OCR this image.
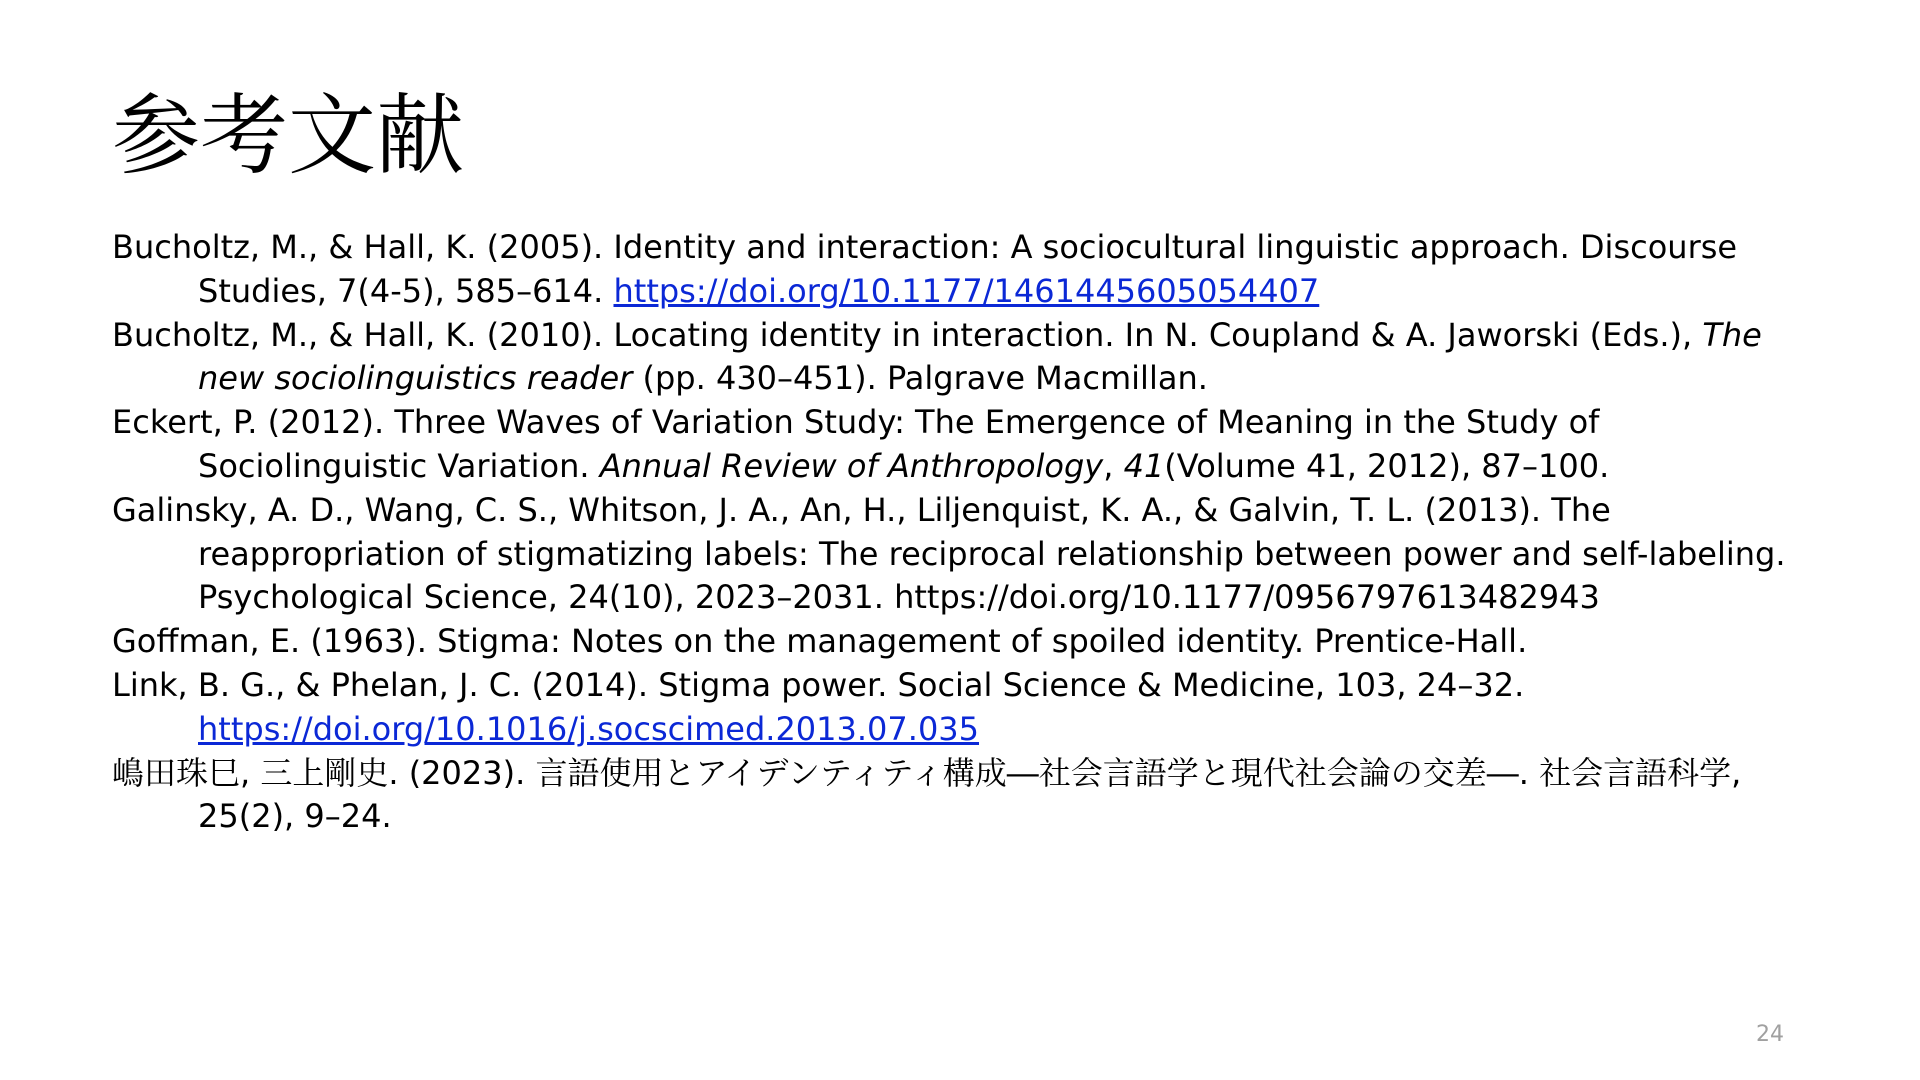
参考文献
Bucholtz, M., & Hall, K. (2005). Identity and interaction: A sociocultural linguistic approach. Discourse Studies, 7(4-5), 585–614. https://doi.org/10.1177/1461445605054407
Bucholtz, M., & Hall, K. (2010). Locating identity in interaction. In N. Coupland & A. Jaworski (Eds.), The new sociolinguistics reader (pp. 430–451). Palgrave Macmillan.
Eckert, P. (2012). Three Waves of Variation Study: The Emergence of Meaning in the Study of Sociolinguistic Variation. Annual Review of Anthropology, 41(Volume 41, 2012), 87–100.
Galinsky, A. D., Wang, C. S., Whitson, J. A., An, H., Liljenquist, K. A., & Galvin, T. L. (2013). The reappropriation of stigmatizing labels: The reciprocal relationship between power and self-labeling. Psychological Science, 24(10), 2023–2031. https://doi.org/10.1177/0956797613482943
Goffman, E. (1963). Stigma: Notes on the management of spoiled identity. Prentice-Hall.
Link, B. G., & Phelan, J. C. (2014). Stigma power. Social Science & Medicine, 103, 24–32. https://doi.org/10.1016/j.socscimed.2013.07.035
嶋田珠巳, 三上剛史. (2023). 言語使用とアイデンティティ構成―社会言語学と現代社会論の交差―. 社会言語科学, 25(2), 9–24.
24
